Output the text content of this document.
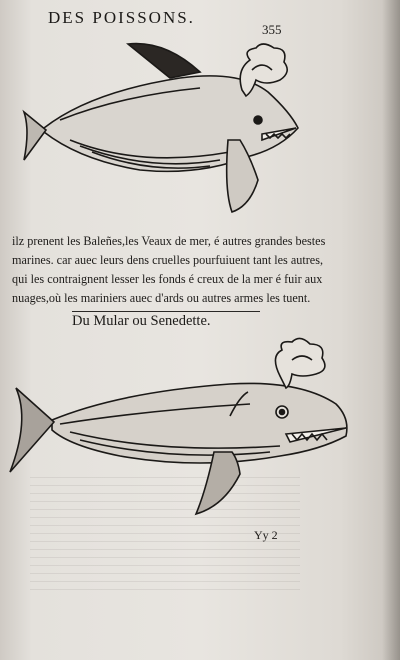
DES POISSONS.
355
ilz prenent les Baleñes,les Veaux de mer, é autres grandes bestes
marines. car auec leurs dens cruelles pourfuiuent tant les autres,
qui les contraignent lesser les fonds é creux de la mer é fuir aux
nuages,où les mariniers auec d'ards ou autres armes les tuent.
Du Mular ou Senedette.
Yy 2
